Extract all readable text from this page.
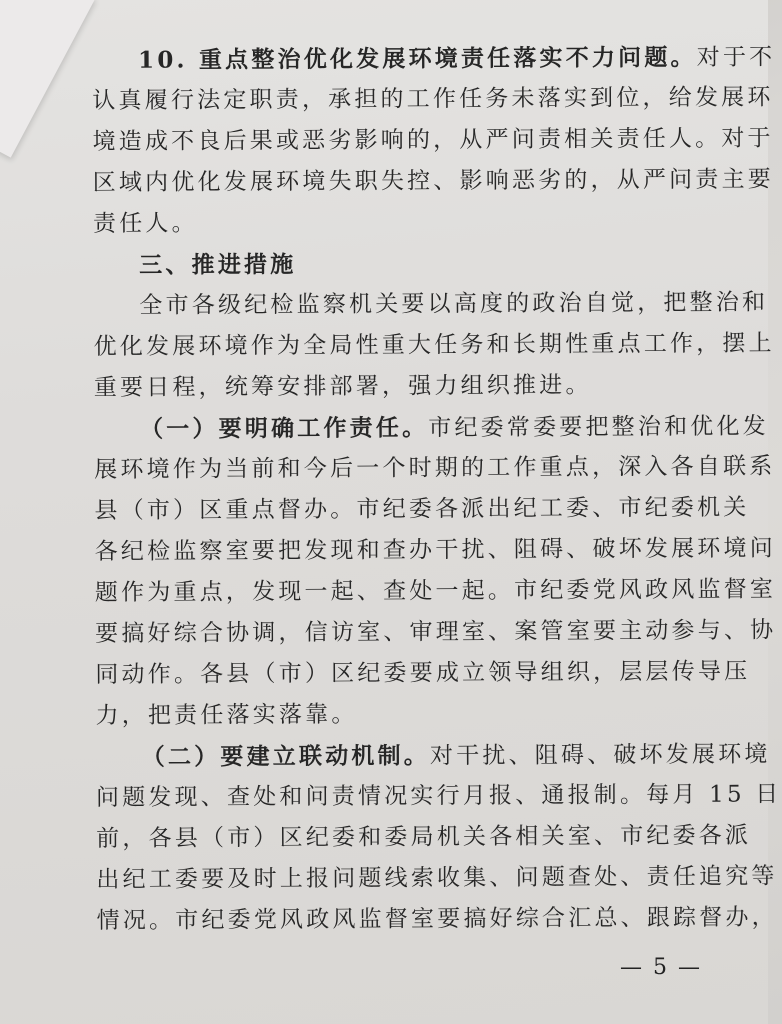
10. 重点整治优化发展环境责任落实不力问题。对于不
认真履行法定职责，承担的工作任务未落实到位，给发展环
境造成不良后果或恶劣影响的，从严问责相关责任人。对于
区域内优化发展环境失职失控、影响恶劣的，从严问责主要
责任人。
三、推进措施
全市各级纪检监察机关要以高度的政治自觉，把整治和
优化发展环境作为全局性重大任务和长期性重点工作，摆上
重要日程，统筹安排部署，强力组织推进。
（一）要明确工作责任。市纪委常委要把整治和优化发
展环境作为当前和今后一个时期的工作重点，深入各自联系
县（市）区重点督办。市纪委各派出纪工委、市纪委机关
各纪检监察室要把发现和查办干扰、阻碍、破坏发展环境问
题作为重点，发现一起、查处一起。市纪委党风政风监督室
要搞好综合协调，信访室、审理室、案管室要主动参与、协
同动作。各县（市）区纪委要成立领导组织，层层传导压
力，把责任落实落靠。
（二）要建立联动机制。对干扰、阻碍、破坏发展环境
问题发现、查处和问责情况实行月报、通报制。每月 15 日
前，各县（市）区纪委和委局机关各相关室、市纪委各派
出纪工委要及时上报问题线索收集、问题查处、责任追究等
情况。市纪委党风政风监督室要搞好综合汇总、跟踪督办，
— 5 —
